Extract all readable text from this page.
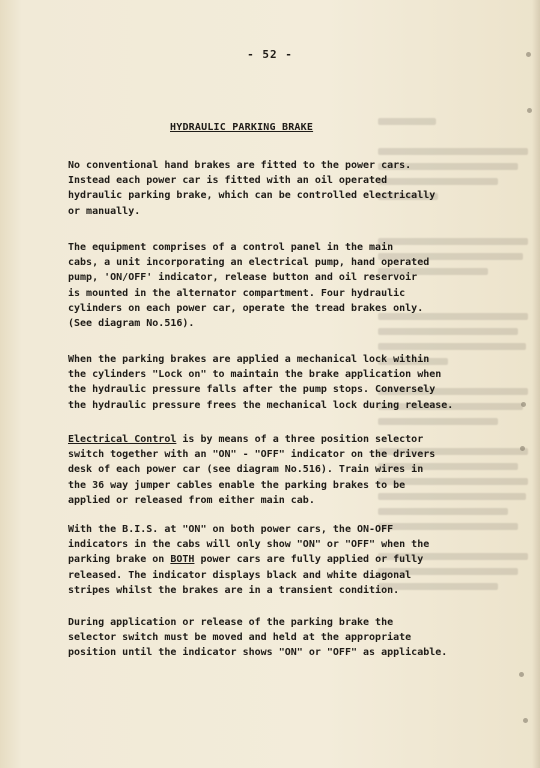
- 52 -
HYDRAULIC PARKING BRAKE
No conventional hand brakes are fitted to the power cars.
Instead each power car is fitted with an oil operated
hydraulic parking brake, which can be controlled electrically
or manually.
The equipment comprises of a control panel in the main
cabs, a unit incorporating an electrical pump, hand operated
pump, 'ON/OFF' indicator, release button and oil reservoir
is mounted in the alternator compartment. Four hydraulic
cylinders on each power car, operate the tread brakes only.
(See diagram No.516).
When the parking brakes are applied a mechanical lock within
the cylinders "Lock on" to maintain the brake application when
the hydraulic pressure falls after the pump stops. Conversely
the hydraulic pressure frees the mechanical lock during release.
Electrical Control is by means of a three position selector
switch together with an "ON" - "OFF" indicator on the drivers
desk of each power car (see diagram No.516). Train wires in
the 36 way jumper cables enable the parking brakes to be
applied or released from either main cab.
With the B.I.S. at "ON" on both power cars, the ON-OFF
indicators in the cabs will only show "ON" or "OFF" when the
parking brake on BOTH power cars are fully applied or fully
released. The indicator displays black and white diagonal
stripes whilst the brakes are in a transient condition.
During application or release of the parking brake the
selector switch must be moved and held at the appropriate
position until the indicator shows "ON" or "OFF" as applicable.
